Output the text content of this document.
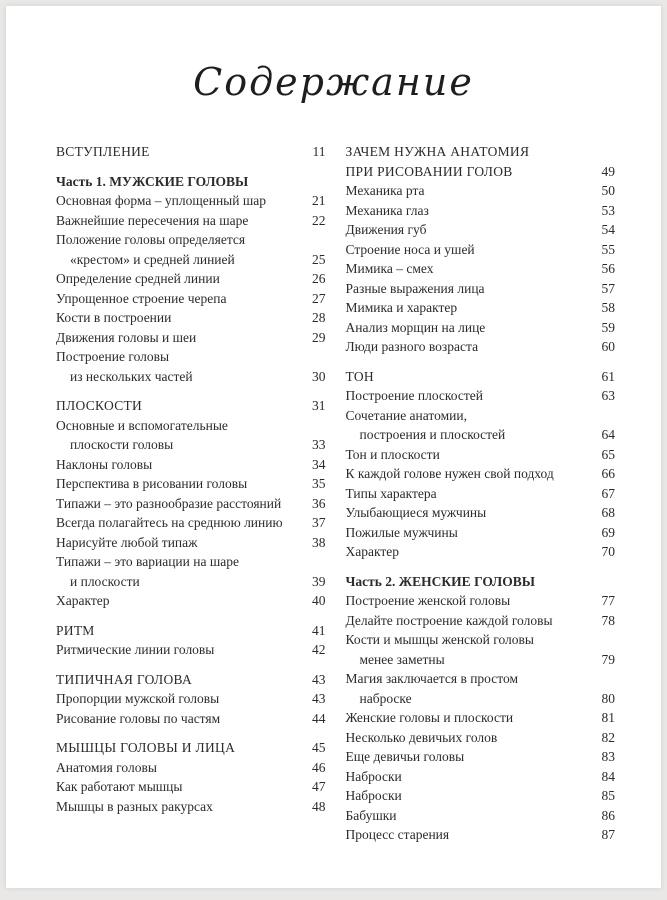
Содержание
ВСТУПЛЕНИЕ	11
Часть 1. МУЖСКИЕ ГОЛОВЫ
Основная форма – уплощенный шар	21
Важнейшие пересечения на шаре	22
Положение головы определяется
«крестом» и средней линией	25
Определение средней линии	26
Упрощенное строение черепа	27
Кости в построении	28
Движения головы и шеи	29
Построение головы
из нескольких частей	30
ПЛОСКОСТИ	31
Основные и вспомогательные
плоскости головы	33
Наклоны головы	34
Перспектива в рисовании головы	35
Типажи – это разнообразие расстояний 36
Всегда полагайтесь на среднюю линию 37
Нарисуйте любой типаж	38
Типажи – это вариации на шаре
и плоскости	39
Характер	40
РИТМ	41
Ритмические линии головы	42
ТИПИЧНАЯ ГОЛОВА	43
Пропорции мужской головы	43
Рисование головы по частям	44
МЫШЦЫ ГОЛОВЫ И ЛИЦА	45
Анатомия головы	46
Как работают мышцы	47
Мышцы в разных ракурсах	48
ЗАЧЕМ НУЖНА АНАТОМИЯ
ПРИ РИСОВАНИИ ГОЛОВ	49
Механика рта	50
Механика глаз	53
Движения губ	54
Строение носа и ушей	55
Мимика – смех	56
Разные выражения лица	57
Мимика и характер	58
Анализ морщин на лице	59
Люди разного возраста	60
ТОН	61
Построение плоскостей	63
Сочетание анатомии,
построения и плоскостей	64
Тон и плоскости	65
К каждой голове нужен свой подход	66
Типы характера	67
Улыбающиеся мужчины	68
Пожилые мужчины	69
Характер	70
Часть 2. ЖЕНСКИЕ ГОЛОВЫ
Построение женской головы	77
Делайте построение каждой головы	78
Кости и мышцы женской головы
менее заметны	79
Магия заключается в простом
наброске	80
Женские головы и плоскости	81
Несколько девичьих голов	82
Еще девичьи головы	83
Наброски	84
Наброски	85
Бабушки	86
Процесс старения	87
